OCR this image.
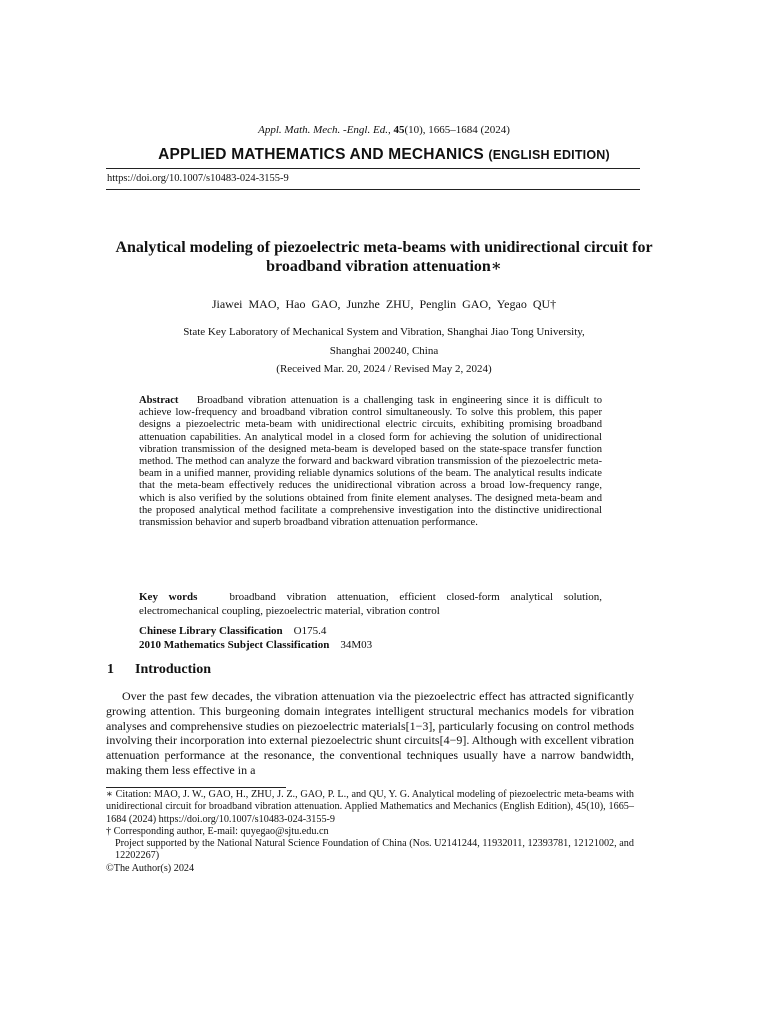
Appl. Math. Mech. -Engl. Ed., 45(10), 1665–1684 (2024)
APPLIED MATHEMATICS AND MECHANICS (ENGLISH EDITION)
https://doi.org/10.1007/s10483-024-3155-9
Analytical modeling of piezoelectric meta-beams with unidirectional circuit for broadband vibration attenuation∗
Jiawei MAO, Hao GAO, Junzhe ZHU, Penglin GAO, Yegao QU†
State Key Laboratory of Mechanical System and Vibration, Shanghai Jiao Tong University,
Shanghai 200240, China
(Received Mar. 20, 2024 / Revised May 2, 2024)
Abstract Broadband vibration attenuation is a challenging task in engineering since it is difficult to achieve low-frequency and broadband vibration control simultaneously. To solve this problem, this paper designs a piezoelectric meta-beam with unidirectional electric circuits, exhibiting promising broadband attenuation capabilities. An analytical model in a closed form for achieving the solution of unidirectional vibration transmission of the designed meta-beam is developed based on the state-space transfer function method. The method can analyze the forward and backward vibration transmission of the piezoelectric meta-beam in a unified manner, providing reliable dynamics solutions of the beam. The analytical results indicate that the meta-beam effectively reduces the unidirectional vibration across a broad low-frequency range, which is also verified by the solutions obtained from finite element analyses. The designed meta-beam and the proposed analytical method facilitate a comprehensive investigation into the distinctive unidirectional transmission behavior and superb broadband vibration attenuation performance.
Key words	broadband vibration attenuation, efficient closed-form analytical solution, electromechanical coupling, piezoelectric material, vibration control
Chinese Library Classification O175.4
2010 Mathematics Subject Classification 34M03
1 Introduction
Over the past few decades, the vibration attenuation via the piezoelectric effect has attracted significantly growing attention. This burgeoning domain integrates intelligent structural mechanics models for vibration analyses and comprehensive studies on piezoelectric materials[1−3], particularly focusing on control methods involving their incorporation into external piezoelectric shunt circuits[4−9]. Although with excellent vibration attenuation performance at the resonance, the conventional techniques usually have a narrow bandwidth, making them less effective in a

∗ Citation: MAO, J. W., GAO, H., ZHU, J. Z., GAO, P. L., and QU, Y. G. Analytical modeling of piezoelectric meta-beams with unidirectional circuit for broadband vibration attenuation. Applied Mathematics and Mechanics (English Edition), 45(10), 1665–1684 (2024) https://doi.org/10.1007/s10483-024-3155-9

† Corresponding author, E-mail: quyegao@sjtu.edu.cn

Project supported by the National Natural Science Foundation of China (Nos. U2141244, 11932011, 12393781, 12121002, and 12202267)

©The Author(s) 2024
